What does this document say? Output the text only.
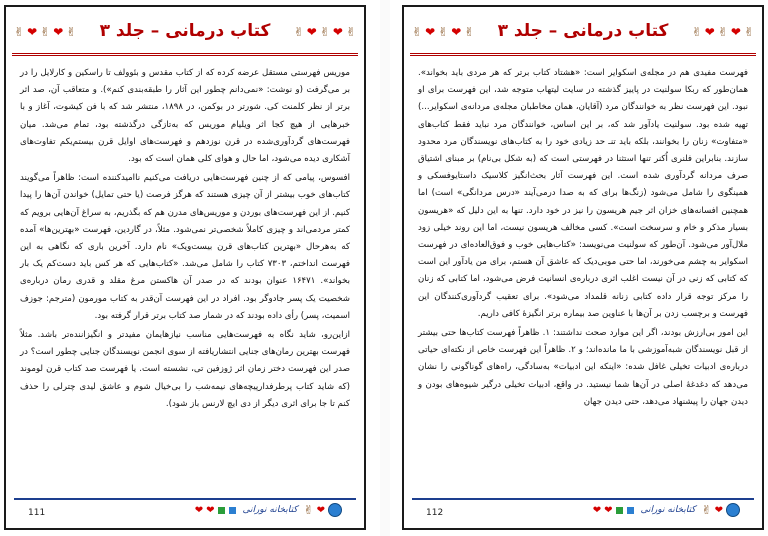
✌ ❤ ✌ ❤ ✌	کتاب درمانی – جلد ۳	✌ ❤ ✌ ❤ ✌

موریس فهرستی مستقل عرضه کرده که از کتاب مقدس و بئوولف تا راسکین و کارلایل را در بر می‌گرفت (و نوشت: «نمی‌دانم چطور این آثار را طبقه‌بندی کنم»). و متعاقب آن، صد اثر برتر از نظر کلمنت کی. شورتر در بوکمن، در ۱۸۹۸، منتشر شد که با فن کیشوت، آغاز و با خبرهایی از هیچ کجا اثر ویلیام موریس که به‌تازگی درگذشته بود، تمام می‌شد. میان فهرست‌های گردآوری‌شده در قرن نوزدهم و فهرست‌های اوایل قرن بیستم‌یکم تفاوت‌های آشکاری دیده می‌شود، اما حال و هوای کلی همان است که بود.

افسوس، پیامی که از چنین فهرست‌هایی دریافت می‌کنیم ناامیدکننده است: ظاهراً می‌گویند کتاب‌های خوب بیشتر از آن چیزی هستند که هرگز فرصت (یا حتی تمایل) خواندن آن‌ها را پیدا کنیم. از این فهرست‌های بوردن و موریس‌های مدرن هم که بگذریم، به سراغ آن‌هایی برویم که کمتر مردمی‌اند و چیزی کاملاً شخصی‌تر نمی‌شود. مثلاً، در گاردین، فهرست «بهترین‌ها» آمده که به‌هرحال «بهترین کتاب‌های قرن بیست‌ویک» نام دارد. آخرین باری که نگاهی به این فهرست انداختم، ۷۳۰۳ کتاب را شامل می‌شد. «کتاب‌هایی که هر کس باید دست‌کم یک بار بخواند». ۱۶۴۷۱ عنوان بودند که در صدر آن هاکستن مرغ مقلد و قدری رمان درباره‌ی شخصیت یک پسر جادوگر بود. افراد در این فهرست آن‌قدر به کتاب مورمون (مترجم: جوزف اسمیت، پسر) رأی داده بودند که در شمار صد کتاب برتر قرار گرفته بود.

ازاین‌رو، شاید نگاه به فهرست‌هایی مناسب نیازهایمان مفیدتر و انگیزاننده‌تر باشد. مثلاً فهرست بهترین رمان‌های جنایی انتشاریافته از سوی انجمن نویسندگان جنایی چطور است؟ در صدر این فهرست دختر زمان اثر ژوزفین تی، نشسته است. یا فهرست صد کتاب قرن لوموند (که شاید کتاب پرطرفدارپیچه‌های نیمه‌شب را بی‌خیال شوم و عاشق لیدی چترلی را حذف کنم تا جا برای اثری دیگر از دی ایچ لارنس باز شود).

111	❤ ❤	کتابخانه نورانی ✌ ❤
✌ ❤ ✌ ❤ ✌	کتاب درمانی – جلد ۳	✌ ❤ ✌ ❤ ✌

فهرست مفیدی هم در مجله‌ی اسکوایر است: «هشتاد کتاب برتر که هر مردی باید بخواند». همان‌طور که ربکا سولنیت در پاییز گذشته در سایت لیتهاب متوجه شد، این فهرست برای او نبود. این فهرست نظر به خوانندگان مرد (آقایان، همان مخاطبان مجله‌ی مردانه‌ی اسکوایر...) تهیه شده بود. سولنیت یادآور شد که، بر این اساس، خوانندگان مرد نباید فقط کتاب‌های «متفاوت» زنان را بخوانند، بلکه باید تنـ حد زیادی خود را به کتاب‌های نویسندگان مرد محدود سازند. بنابراین فلنری اُکنر تنها استثنا در فهرستی است که (به شکل بی‌نام) بر مبنای اشتیاق صرف مردانه گردآوری شده است. این فهرست آثار بحث‌انگیز کلاسیک داستایوفسکی و همینگوی را شامل می‌شود (زنگ‌ها برای که به صدا درمی‌آیند «درس مردانگی» است) اما همچنین افسانه‌های خزان اثر جیم هریسون را نیز در خود دارد. تنها به این دلیل که «هریسون بسیار مذکر و خام و سرسخت است». کسی مخالف هریسون نیست، اما این روند خیلی زود ملال‌آور می‌شود. آن‌طور که سولنیت می‌نویسد: «کتاب‌هایی خوب و فوق‌العاده‌ای در فهرست اسکوایر به چشم می‌خورند، اما حتی موبی‌دیک که عاشق آن هستم، برای من یادآور این است که کتابی که زنی در آن نیست اغلب اثری درباره‌ی انسانیت فرض می‌شود، اما کتابی که زنان را مرکز توجه قرار داده کتابی زنانه قلمداد می‌شود». برای تعقیب گردآوری‌کنندگان این فهرست و برچسب زدن بر آن‌ها با عناوین صد بیماره برتر انگیزهٔ کافی داریم.

این امور بی‌ارزش بودند، اگر این موارد صحت نداشتند: ۱. ظاهراً فهرست کتاب‌ها حتی بیشتر از قبل نویسندگان شبه‌آموزشی با ما مانده‌اند؛ و ۲. ظاهراً این فهرست خاص از نکته‌ای حیاتی درباره‌ی ادبیات تخیلی غافل شده: «اینکه این ادبیات» به‌سادگی، راه‌های گوناگونی را نشان می‌دهد که دغدغهٔ اصلی در آن‌ها شما نیستید. در واقع، ادبیات تخیلی درگیر شیوه‌های بودن و دیدن جهان را پیشنهاد می‌دهد، حتی دیدن جهان

112	❤ ❤	کتابخانه نورانی ✌ ❤
